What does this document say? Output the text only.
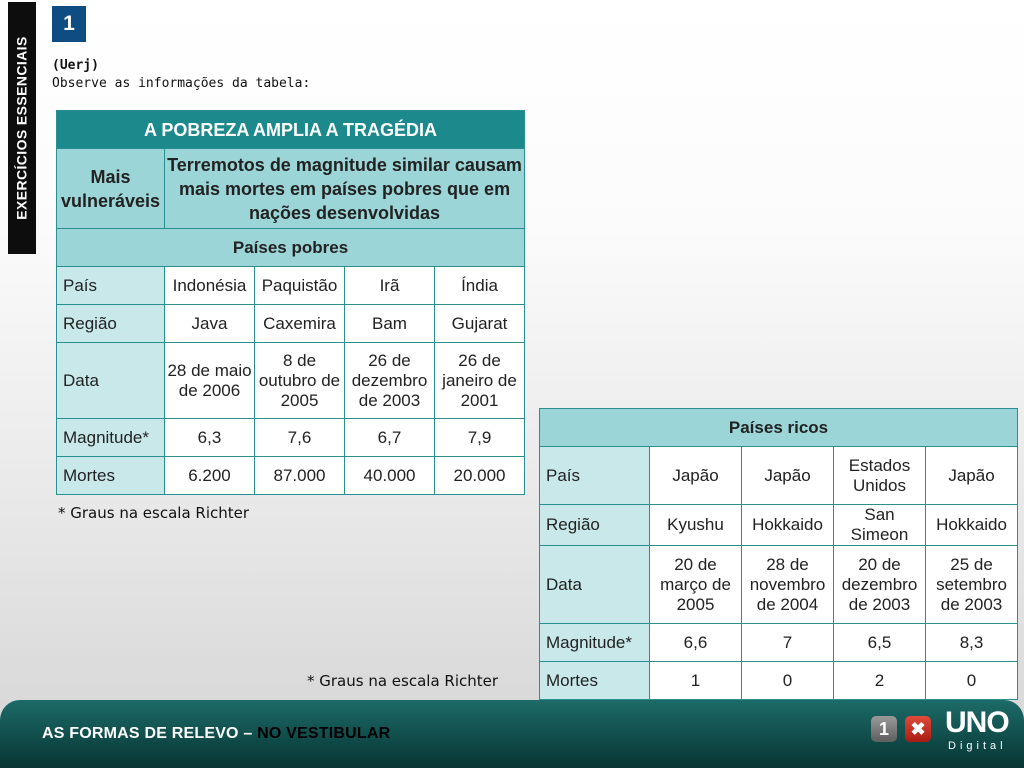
EXERCÍCIOS ESSENCIAIS
1
(Uerj)
Observe as informações da tabela:
A POBREZA AMPLIA A TRAGÉDIA				
Mais vulneráveis	Terremotos de magnitude similar causam mais mortes em países pobres que em nações desenvolvidas			
Países pobres				
País	Indonésia	Paquistão	Irã	Índia
Região	Java	Caxemira	Bam	Gujarat
Data	28 de maio de 2006	8 de outubro de 2005	26 de dezembro de 2003	26 de janeiro de 2001
Magnitude*	6,3	7,6	6,7	7,9
Mortes	6.200	87.000	40.000	20.000
* Graus na escala Richter
Países ricos				
País	Japão	Japão	Estados Unidos	Japão
Região	Kyushu	Hokkaido	San Simeon	Hokkaido
Data	20 de março de 2005	28 de novembro de 2004	20 de dezembro de 2003	25 de setembro de 2003
Magnitude*	6,6	7	6,5	8,3
Mortes	1	0	2	0
* Graus na escala Richter
AS FORMAS DE RELEVO – NO VESTIBULAR	1	✖ UNO
Digital
